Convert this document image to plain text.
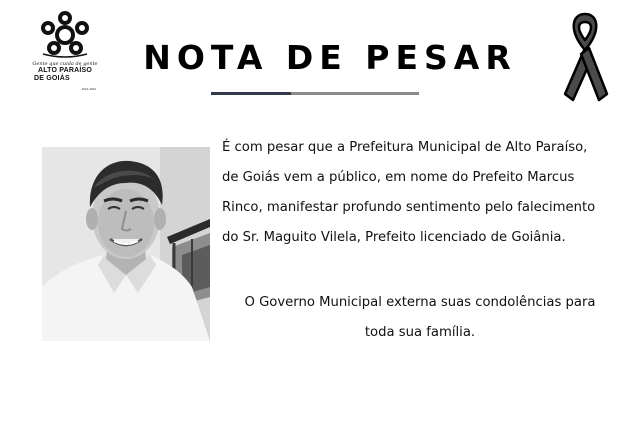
Gente que cuida de gente
ALTO PARAÍSO
DE GOIÁS
2021-2024
NOTA DE PESAR
É com pesar que a Prefeitura Municipal de Alto Paraíso,
de Goiás vem a público, em nome do Prefeito Marcus
Rinco, manifestar profundo sentimento pelo falecimento
do Sr. Maguito Vilela, Prefeito licenciado de Goiânia.
O Governo Municipal externa suas condolências para
toda sua família.
